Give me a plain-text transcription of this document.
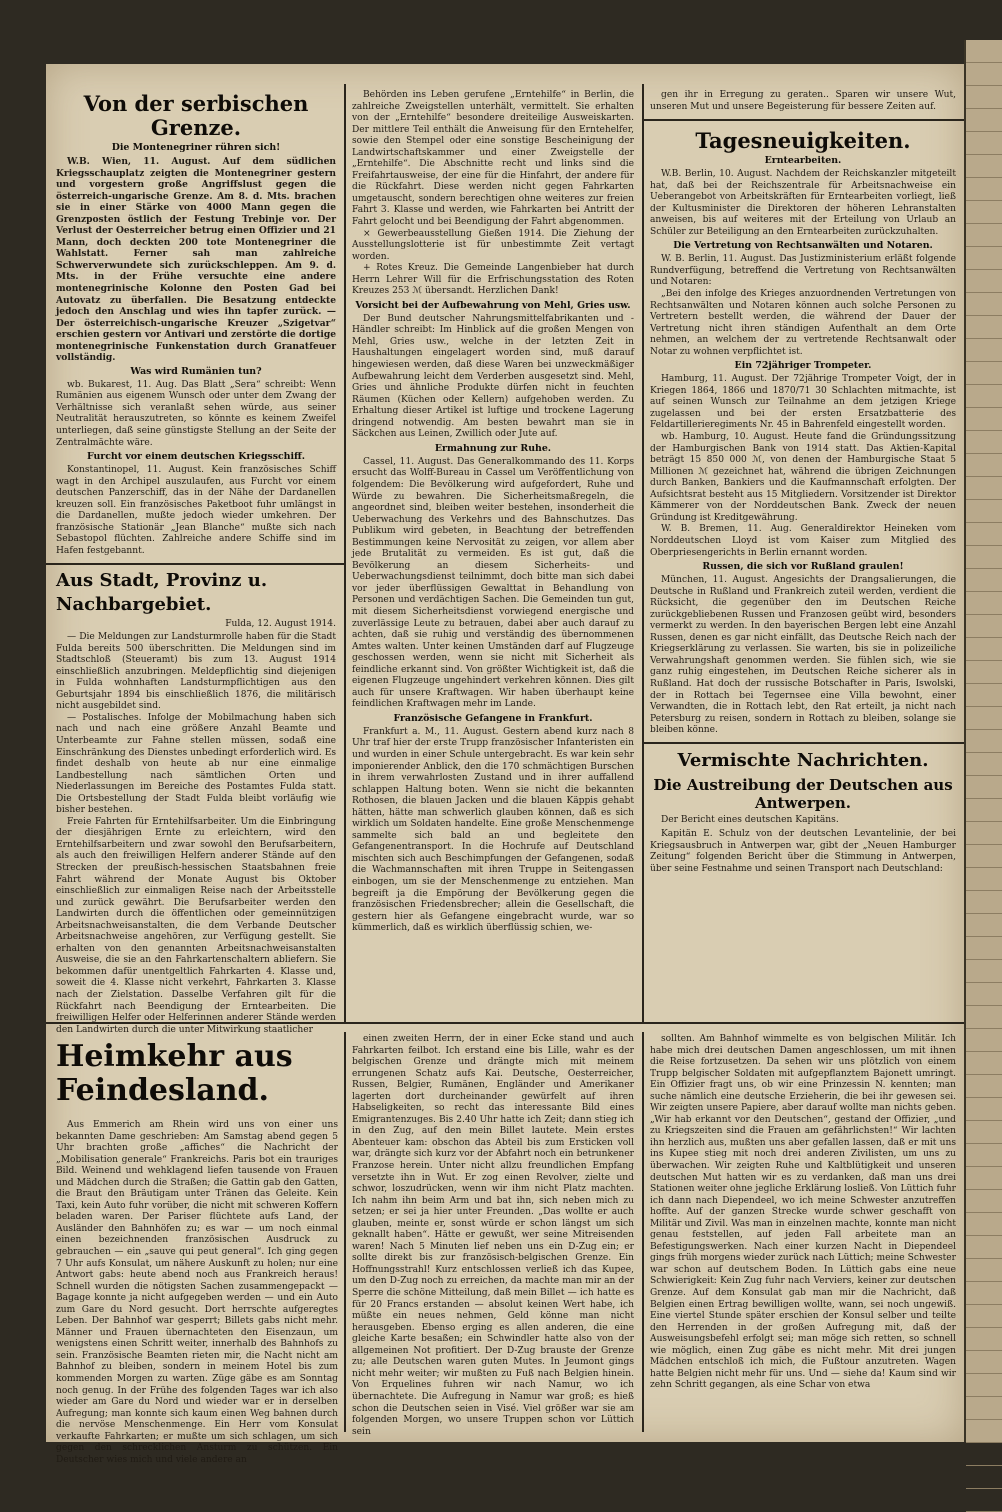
Von der serbischen Grenze.
Die Montenegriner rühren sich!

W.B. Wien, 11. August. Auf dem südlichen Kriegsschauplatz zeigten die Montenegriner gestern und vorgestern große Angriffslust gegen die österreich-ungarische Grenze. Am 8. d. Mts. brachen sie in einer Stärke von 4000 Mann gegen die Grenzposten östlich der Festung Trebinje vor. Der Verlust der Oesterreicher betrug einen Offizier und 21 Mann, doch deckten 200 tote Montenegriner die Wahlstatt. Ferner sah man zahlreiche Schwerverwundete sich zurückschleppen. Am 9. d. Mts. in der Frühe versuchte eine andere montenegrinische Kolonne den Posten Gad bei Autovatz zu überfallen. Die Besatzung entdeckte jedoch den Anschlag und wies ihn tapfer zurück. — Der österreichisch-ungarische Kreuzer „Szigetvar“ erschien gestern vor Antivari und zerstörte die dortige montenegrinische Funkenstation durch Granatfeuer vollständig.

Was wird Rumänien tun?

wb. Bukarest, 11. Aug. Das Blatt „Sera“ schreibt: Wenn Rumänien aus eigenem Wunsch oder unter dem Zwang der Verhältnisse sich veranlaßt sehen würde, aus seiner Neutralität herauszutreten, so könnte es keinem Zweifel unterliegen, daß seine günstigste Stellung an der Seite der Zentralmächte wäre.

Furcht vor einem deutschen Kriegsschiff.

Konstantinopel, 11. August. Kein französisches Schiff wagt in den Archipel auszulaufen, aus Furcht vor einem deutschen Panzerschiff, das in der Nähe der Dardanellen kreuzen soll. Ein französisches Paketboot fuhr umlängst in die Dardanellen, mußte jedoch wieder umkehren. Der französische Stationär „Jean Blanche“ mußte sich nach Sebastopol flüchten. Zahlreiche andere Schiffe sind im Hafen festgebannt.

Aus Stadt, Provinz u. Nachbargebiet.

Fulda, 12. August 1914.

— Die Meldungen zur Landsturmrolle haben für die Stadt Fulda bereits 500 überschritten. Die Meldungen sind im Stadtschloß (Steueramt) bis zum 13. August 1914 einschließlich anzubringen. Meldepflichtig sind diejenigen in Fulda wohnhaften Landsturmpflichtigen aus den Geburtsjahr 1894 bis einschließlich 1876, die militärisch nicht ausgebildet sind.

— Postalisches. Infolge der Mobilmachung haben sich nach und nach eine größere Anzahl Beamte und Unterbeamte zur Fahne stellen müssen, sodaß eine Einschränkung des Dienstes unbedingt erforderlich wird. Es findet deshalb von heute ab nur eine einmalige Landbestellung nach sämtlichen Orten und Niederlassungen im Bereiche des Postamtes Fulda statt. Die Ortsbestellung der Stadt Fulda bleibt vorläufig wie bisher bestehen.

Freie Fahrten für Erntehilfsarbeiter. Um die Einbringung der diesjährigen Ernte zu erleichtern, wird den Erntehilfsarbeitern und zwar sowohl den Berufsarbeitern, als auch den freiwilligen Helfern anderer Stände auf den Strecken der preußisch-hessischen Staatsbahnen freie Fahrt während der Monate August bis Oktober einschließlich zur einmaligen Reise nach der Arbeitsstelle und zurück gewährt. Die Berufsarbeiter werden den Landwirten durch die öffentlichen oder gemeinnützigen Arbeitsnachweisanstalten, die dem Verbande Deutscher Arbeitsnachweise angehören, zur Verfügung gestellt. Sie erhalten von den genannten Arbeitsnachweisanstalten Ausweise, die sie an den Fahrkartenschaltern abliefern. Sie bekommen dafür unentgeltlich Fahrkarten 4. Klasse und, soweit die 4. Klasse nicht verkehrt, Fahrkarten 3. Klasse nach der Zielstation. Dasselbe Verfahren gilt für die Rückfahrt nach Beendigung der Erntearbeiten. Die freiwilligen Helfer oder Helferinnen anderer Stände werden den Landwirten durch die unter Mitwirkung staatlicher

Behörden ins Leben gerufene „Erntehilfe“ in Berlin, die zahlreiche Zweigstellen unterhält, vermittelt. Sie erhalten von der „Erntehilfe“ besondere dreiteilige Ausweiskarten. Der mittlere Teil enthält die Anweisung für den Erntehelfer, sowie den Stempel oder eine sonstige Bescheinigung der Landwirtschaftskammer und einer Zweigstelle der „Erntehilfe“. Die Abschnitte recht und links sind die Freifahrtausweise, der eine für die Hinfahrt, der andere für die Rückfahrt. Diese werden nicht gegen Fahrkarten umgetauscht, sondern berechtigen ohne weiteres zur freien Fahrt 3. Klasse und werden, wie Fahrkarten bei Antritt der Fahrt gelocht und bei Beendigung der Fahrt abgenommen.

× Gewerbeausstellung Gießen 1914. Die Ziehung der Ausstellungslotterie ist für unbestimmte Zeit vertagt worden.

+ Rotes Kreuz. Die Gemeinde Langenbieber hat durch Herrn Lehrer Will für die Erfrischungsstation des Roten Kreuzes 253 ℳ übersandt. Herzlichen Dank!

Vorsicht bei der Aufbewahrung von Mehl, Gries usw.

Der Bund deutscher Nahrungsmittelfabrikanten und -Händler schreibt: Im Hinblick auf die großen Mengen von Mehl, Gries usw., welche in der letzten Zeit in Haushaltungen eingelagert worden sind, muß darauf hingewiesen werden, daß diese Waren bei unzweckmäßiger Aufbewahrung leicht dem Verderben ausgesetzt sind. Mehl, Gries und ähnliche Produkte dürfen nicht in feuchten Räumen (Küchen oder Kellern) aufgehoben werden. Zu Erhaltung dieser Artikel ist luftige und trockene Lagerung dringend notwendig. Am besten bewahrt man sie in Säckchen aus Leinen, Zwillich oder Jute auf.

Ermahnung zur Ruhe.

Cassel, 11. August. Das Generalkommando des 11. Korps ersucht das Wolff-Bureau in Cassel um Veröffentlichung von folgendem: Die Bevölkerung wird aufgefordert, Ruhe und Würde zu bewahren. Die Sicherheitsmaßregeln, die angeordnet sind, bleiben weiter bestehen, insonderheit die Ueberwachung des Verkehrs und des Bahnschutzes. Das Publikum wird gebeten, in Beachtung der betreffenden Bestimmungen keine Nervosität zu zeigen, vor allem aber jede Brutalität zu vermeiden. Es ist gut, daß die Bevölkerung an diesem Sicherheits- und Ueberwachungsdienst teilnimmt, doch bitte man sich dabei vor jeder überflüssigen Gewalttat in Behandlung von Personen und verdächtigen Sachen. Die Gemeinden tun gut, mit diesem Sicherheitsdienst vorwiegend energische und zuverlässige Leute zu betrauen, dabei aber auch darauf zu achten, daß sie ruhig und verständig des übernommenen Amtes walten. Unter keinen Umständen darf auf Flugzeuge geschossen werden, wenn sie nicht mit Sicherheit als feindliche erkannt sind. Von größter Wichtigkeit ist, daß die eigenen Flugzeuge ungehindert verkehren können. Dies gilt auch für unsere Kraftwagen. Wir haben überhaupt keine feindlichen Kraftwagen mehr im Lande.

Französische Gefangene in Frankfurt.

Frankfurt a. M., 11. August. Gestern abend kurz nach 8 Uhr traf hier der erste Trupp französischer Infanteristen ein und wurden in einer Schule untergebracht. Es war kein sehr imponierender Anblick, den die 170 schmächtigen Burschen in ihrem verwahrlosten Zustand und in ihrer auffallend schlappen Haltung boten. Wenn sie nicht die bekannten Rothosen, die blauen Jacken und die blauen Käppis gehabt hätten, hätte man schwerlich glauben können, daß es sich wirklich um Soldaten handelte. Eine große Menschenmenge sammelte sich bald an und begleitete den Gefangenentransport. In die Hochrufe auf Deutschland mischten sich auch Beschimpfungen der Gefangenen, sodaß die Wachmannschaften mit ihren Truppe in Seitengassen einbogen, um sie der Menschenmenge zu entziehen. Man begreift ja die Empörung der Bevölkerung gegen die französischen Friedensbrecher; allein die Gesellschaft, die gestern hier als Gefangene eingebracht wurde, war so kümmerlich, daß es wirklich überflüssig schien, we-

gen ihr in Erregung zu geraten.. Sparen wir unsere Wut, unseren Mut und unsere Begeisterung für bessere Zeiten auf.

Tagesneuigkeiten.
Erntearbeiten.

W.B. Berlin, 10. August. Nachdem der Reichskanzler mitgeteilt hat, daß bei der Reichszentrale für Arbeitsnachweise ein Ueberangebot von Arbeitskräften für Erntearbeiten vorliegt, ließ der Kultusminister die Direktoren der höheren Lehranstalten anweisen, bis auf weiteres mit der Erteilung von Urlaub an Schüler zur Beteiligung an den Erntearbeiten zurückzuhalten.

Die Vertretung von Rechtsanwälten und Notaren.

W. B. Berlin, 11. August. Das Justizministerium erläßt folgende Rundverfügung, betreffend die Vertretung von Rechtsanwälten und Notaren:

„Bei den infolge des Krieges anzuordnenden Vertretungen von Rechtsanwälten und Notaren können auch solche Personen zu Vertretern bestellt werden, die während der Dauer der Vertretung nicht ihren ständigen Aufenthalt an dem Orte nehmen, an welchem der zu vertretende Rechtsanwalt oder Notar zu wohnen verpflichtet ist.

Ein 72jähriger Trompeter.

Hamburg, 11. August. Der 72jährige Trompeter Voigt, der in Kriegen 1864, 1866 und 1870/71 30 Schlachten mitmachte, ist auf seinen Wunsch zur Teilnahme an dem jetzigen Kriege zugelassen und bei der ersten Ersatzbatterie des Feldartillerieregiments Nr. 45 in Bahrenfeld eingestellt worden.

wb. Hamburg, 10. August. Heute fand die Gründungssitzung der Hamburgischen Bank von 1914 statt. Das Aktien-Kapital beträgt 15 850 000 ℳ, von denen der Hamburgische Staat 5 Millionen ℳ gezeichnet hat, während die übrigen Zeichnungen durch Banken, Bankiers und die Kaufmannschaft erfolgten. Der Aufsichtsrat besteht aus 15 Mitgliedern. Vorsitzender ist Direktor Kämmerer von der Norddeutschen Bank. Zweck der neuen Gründung ist Kreditgewährung.

W. B. Bremen, 11. Aug. Generaldirektor Heineken vom Norddeutschen Lloyd ist vom Kaiser zum Mitglied des Oberpriesengerichts in Berlin ernannt worden.

Russen, die sich vor Rußland graulen!

München, 11. August. Angesichts der Drangsalierungen, die Deutsche in Rußland und Frankreich zuteil werden, verdient die Rücksicht, die gegenüber den im Deutschen Reiche zurückgebliebenen Russen und Franzosen geübt wird, besonders vermerkt zu werden. In den bayerischen Bergen lebt eine Anzahl Russen, denen es gar nicht einfällt, das Deutsche Reich nach der Kriegserklärung zu verlassen. Sie warten, bis sie in polizeiliche Verwahrungshaft genommen werden. Sie fühlen sich, wie sie ganz ruhig eingestehen, im Deutschen Reiche sicherer als in Rußland. Hat doch der russische Botschafter in Paris, Iswolski, der in Rottach bei Tegernsee eine Villa bewohnt, einer Verwandten, die in Rottach lebt, den Rat erteilt, ja nicht nach Petersburg zu reisen, sondern in Rottach zu bleiben, solange sie bleiben könne.

Vermischte Nachrichten.
Die Austreibung der Deutschen aus Antwerpen.

Der Bericht eines deutschen Kapitäns.

Kapitän E. Schulz von der deutschen Levantelinie, der bei Kriegsausbruch in Antwerpen war, gibt der „Neuen Hamburger Zeitung“ folgenden Bericht über die Stimmung in Antwerpen, über seine Festnahme und seinen Transport nach Deutschland:

Heimkehr aus Feindesland.

Aus Emmerich am Rhein wird uns von einer uns bekannten Dame geschrieben: Am Samstag abend gegen 5 Uhr brachten große „affiches“ die Nachricht der „Mobilisation generale“ Frankreichs. Paris bot ein trauriges Bild. Weinend und wehklagend liefen tausende von Frauen und Mädchen durch die Straßen; die Gattin gab den Gatten, die Braut den Bräutigam unter Tränen das Geleite. Kein Taxi, kein Auto fuhr vorüber, die nicht mit schweren Koffern beladen waren. Der Pariser flüchtete aufs Land, der Ausländer den Bahnhöfen zu; es war — um noch einmal einen bezeichnenden französischen Ausdruck zu gebrauchen — ein „sauve qui peut general“. Ich ging gegen 7 Uhr aufs Konsulat, um nähere Auskunft zu holen; nur eine Antwort gabs: heute abend noch aus Frankreich heraus! Schnell wurden die nötigsten Sachen zusammengepackt — Bagage konnte ja nicht aufgegeben werden — und ein Auto zum Gare du Nord gesucht. Dort herrschte aufgeregtes Leben. Der Bahnhof war gesperrt; Billets gabs nicht mehr. Männer und Frauen übernachteten den Eisenzaun, um wenigstens einen Schritt weiter, innerhalb des Bahnhofs zu sein. Französische Beamten rieten mir, die Nacht nicht am Bahnhof zu bleiben, sondern in meinem Hotel bis zum kommenden Morgen zu warten. Züge gäbe es am Sonntag noch genug. In der Frühe des folgenden Tages war ich also wieder am Gare du Nord und wieder war er in derselben Aufregung; man konnte sich kaum einen Weg bahnen durch die nervöse Menschenmenge. Ein Herr vom Konsulat verkaufte Fahrkarten; er mußte um sich schlagen, um sich gegen den schrecklichen Ansturm zu schützen. Ein Deutscher wies mich und viele andere an

einen zweiten Herrn, der in einer Ecke stand und auch Fahrkarten feilbot. Ich erstand eine bis Lille, wahr es der belgischen Grenze und drängte mich mit meinem errungenen Schatz aufs Kai. Deutsche, Oesterreicher, Russen, Belgier, Rumänen, Engländer und Amerikaner lagerten dort durcheinander gewürfelt auf ihren Habseligkeiten, so recht das interessante Bild eines Emigrantenzuges. Bis 2.40 Uhr hatte ich Zeit; dann stieg ich in den Zug, auf den mein Billet lautete. Mein erstes Abenteuer kam: obschon das Abteil bis zum Ersticken voll war, drängte sich kurz vor der Abfahrt noch ein betrunkener Franzose herein. Unter nicht allzu freundlichen Empfang versetzte ihn in Wut. Er zog einen Revolver, zielte und schwor, loszudrücken, wenn wir ihm nicht Platz machten. Ich nahm ihn beim Arm und bat ihn, sich neben mich zu setzen; er sei ja hier unter Freunden. „Das wollte er auch glauben, meinte er, sonst würde er schon längst um sich geknallt haben“. Hätte er gewußt, wer seine Mitreisenden waren! Nach 5 Minuten lief neben uns ein D-Zug ein; er sollte direkt bis zur französisch-belgischen Grenze. Ein Hoffnungsstrahl! Kurz entschlossen verließ ich das Kupee, um den D-Zug noch zu erreichen, da machte man mir an der Sperre die schöne Mitteilung, daß mein Billet — ich hatte es für 20 Francs erstanden — absolut keinen Wert habe, ich müßte ein neues nehmen, Geld könne man nicht herausgeben. Ebenso erging es allen anderen, die eine gleiche Karte besaßen; ein Schwindler hatte also von der allgemeinen Not profitiert. Der D-Zug brauste der Grenze zu; alle Deutschen waren guten Mutes. In Jeumont gings nicht mehr weiter; wir mußten zu Fuß nach Belgien hinein. Von Erquelines fuhren wir nach Namur, wo ich übernachtete. Die Aufregung in Namur war groß; es hieß schon die Deutschen seien in Visé. Viel größer war sie am folgenden Morgen, wo unsere Truppen schon vor Lüttich sein

sollten. Am Bahnhof wimmelte es von belgischen Militär. Ich habe mich drei deutschen Damen angeschlossen, um mit ihnen die Reise fortzusetzen. Da sehen wir uns plötzlich von einem Trupp belgischer Soldaten mit aufgepflanztem Bajonett umringt. Ein Offizier fragt uns, ob wir eine Prinzessin N. kennten; man suche nämlich eine deutsche Erzieherin, die bei ihr gewesen sei. Wir zeigten unsere Papiere, aber darauf wollte man nichts geben. „Wir hab erkannt vor den Deutschen“, gestand der Offizier, „und zu Kriegszeiten sind die Frauen am gefährlichsten!“ Wir lachten ihn herzlich aus, mußten uns aber gefallen lassen, daß er mit uns ins Kupee stieg mit noch drei anderen Zivilisten, um uns zu überwachen. Wir zeigten Ruhe und Kaltblütigkeit und unseren deutschen Mut hatten wir es zu verdanken, daß man uns drei Stationen weiter ohne jegliche Erklärung losließ. Von Lüttich fuhr ich dann nach Diependeel, wo ich meine Schwester anzutreffen hoffte. Auf der ganzen Strecke wurde schwer geschafft von Militär und Zivil. Was man in einzelnen machte, konnte man nicht genau feststellen, auf jeden Fall arbeitete man an Befestigungswerken. Nach einer kurzen Nacht in Diependeel gings früh morgens wieder zurück nach Lüttich; meine Schwester war schon auf deutschem Boden. In Lüttich gabs eine neue Schwierigkeit: Kein Zug fuhr nach Verviers, keiner zur deutschen Grenze. Auf dem Konsulat gab man mir die Nachricht, daß Belgien einen Ertrag bewilligen wollte, wann, sei noch ungewiß. Eine viertel Stunde später erschien der Konsul selber und teilte den Herrenden in der großen Aufregung mit, daß der Ausweisungsbefehl erfolgt sei; man möge sich retten, so schnell wie möglich, einen Zug gäbe es nicht mehr. Mit drei jungen Mädchen entschloß ich mich, die Fußtour anzutreten. Wagen hatte Belgien nicht mehr für uns. Und — siehe da! Kaum sind wir zehn Schritt gegangen, als eine Schar von etwa
